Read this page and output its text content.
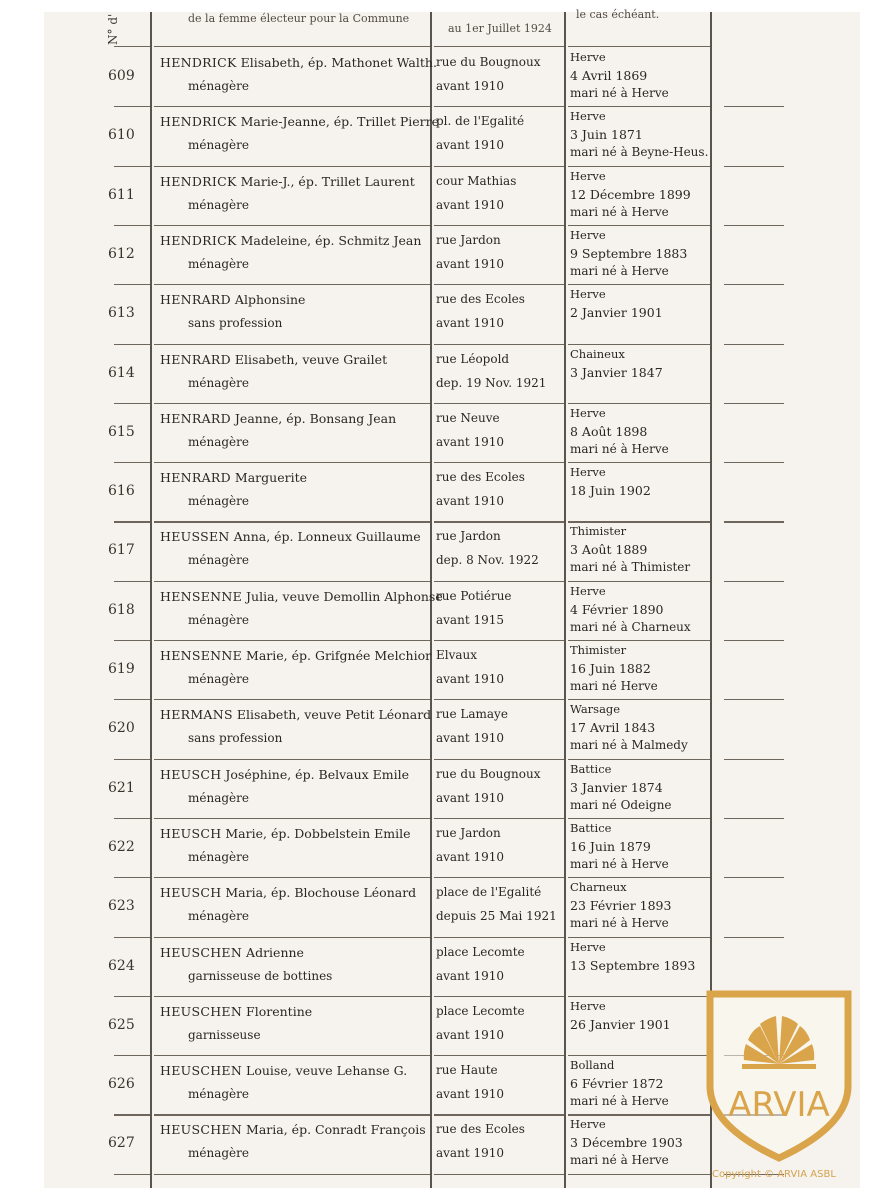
N° d'	de la femme électeur pour la Commune
au 1er Juillet 1924
le cas échéant.
609
HENDRICK Elisabeth, ép. Mathonet Walth.
ménagère
rue du Bougnoux
avant 1910
Herve
4 Avril 1869
mari né à Herve
610
HENDRICK Marie-Jeanne, ép. Trillet Pierre
ménagère
pl. de l'Egalité
avant 1910
Herve
3 Juin 1871
mari né à Beyne-Heus.
611
HENDRICK Marie-J., ép. Trillet Laurent
ménagère
cour Mathias
avant 1910
Herve
12 Décembre 1899
mari né à Herve
612
HENDRICK Madeleine, ép. Schmitz Jean
ménagère
rue Jardon
avant 1910
Herve
9 Septembre 1883
mari né à Herve
613
HENRARD Alphonsine
sans profession
rue des Ecoles
avant 1910
Herve
2 Janvier 1901
614
HENRARD Elisabeth, veuve Grailet
ménagère
rue Léopold
dep. 19 Nov. 1921
Chaineux
3 Janvier 1847
615
HENRARD Jeanne, ép. Bonsang Jean
ménagère
rue Neuve
avant 1910
Herve
8 Août 1898
mari né à Herve
616
HENRARD Marguerite
ménagère
rue des Ecoles
avant 1910
Herve
18 Juin 1902
617
HEUSSEN Anna, ép. Lonneux Guillaume
ménagère
rue Jardon
dep. 8 Nov. 1922
Thimister
3 Août 1889
mari né à Thimister
618
HENSENNE Julia, veuve Demollin Alphonse
ménagère
rue Potiérue
avant 1915
Herve
4 Février 1890
mari né à Charneux
619
HENSENNE Marie, ép. Grifgnée Melchior
ménagère
Elvaux
avant 1910
Thimister
16 Juin 1882
mari né Herve
620
HERMANS Elisabeth, veuve Petit Léonard
sans profession
rue Lamaye
avant 1910
Warsage
17 Avril 1843
mari né à Malmedy
621
HEUSCH Joséphine, ép. Belvaux Emile
ménagère
rue du Bougnoux
avant 1910
Battice
3 Janvier 1874
mari né Odeigne
622
HEUSCH Marie, ép. Dobbelstein Emile
ménagère
rue Jardon
avant 1910
Battice
16 Juin 1879
mari né à Herve
623
HEUSCH Maria, ép. Blochouse Léonard
ménagère
place de l'Egalité
depuis 25 Mai 1921
Charneux
23 Février 1893
mari né à Herve
624
HEUSCHEN Adrienne
garnisseuse de bottines
place Lecomte
avant 1910
Herve
13 Septembre 1893
625
HEUSCHEN Florentine
garnisseuse
place Lecomte
avant 1910
Herve
26 Janvier 1901
626
HEUSCHEN Louise, veuve Lehanse G.
ménagère
rue Haute
avant 1910
Bolland
6 Février 1872
mari né à Herve
627
HEUSCHEN Maria, ép. Conradt François
ménagère
rue des Ecoles
avant 1910
Herve
3 Décembre 1903
mari né à Herve
ARVIA
Copyright © ARVIA ASBL
